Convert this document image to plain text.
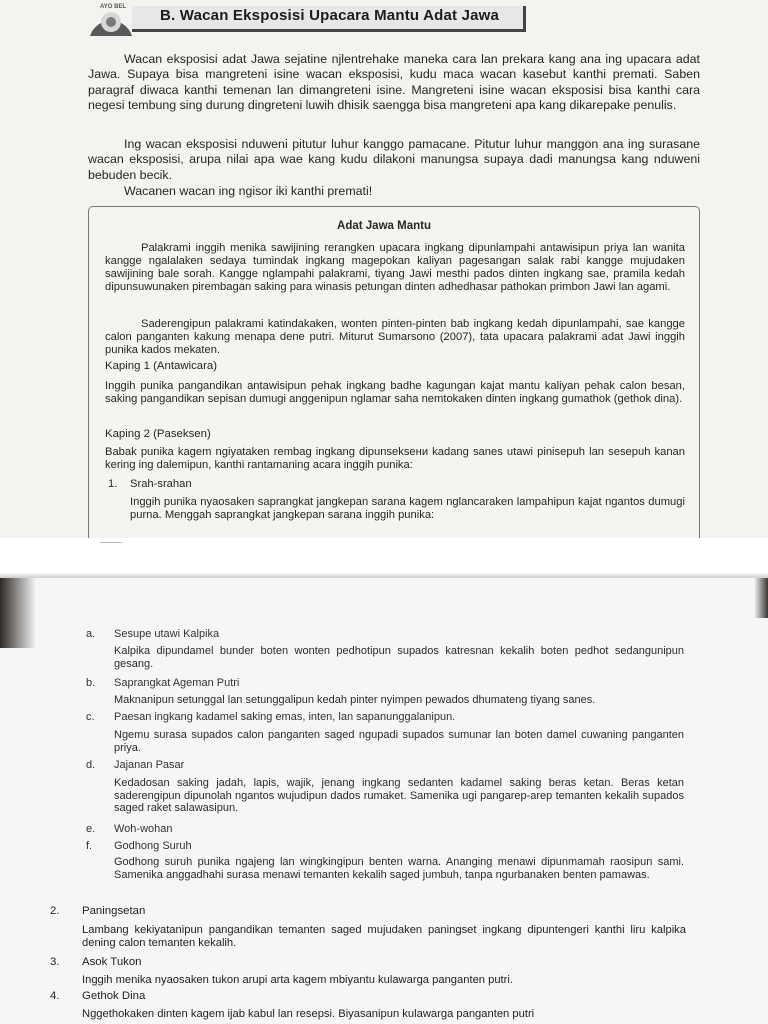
AYO BEL B. Wacan Eksposisi Upacara Mantu Adat Jawa

Wacan eksposisi adat Jawa sejatine njlentrehake maneka cara lan prekara kang ana ing upacara adat Jawa. Supaya bisa mangreteni isine wacan eksposisi, kudu maca wacan kasebut kanthi premati. Saben paragraf diwaca kanthi temenan lan dimangreteni isine. Mangreteni isine wacan eksposisi bisa kanthi cara negesi tembung sing durung dingreteni luwih dhisik saengga bisa mangreteni apa kang dikarepake penulis.

Ing wacan eksposisi nduweni pitutur luhur kanggo pamacane. Pitutur luhur manggon ana ing surasane wacan eksposisi, arupa nilai apa wae kang kudu dilakoni manungsa supaya dadi manungsa kang nduweni bebuden becik.

Wacanen wacan ing ngisor iki kanthi premati!

Adat Jawa Mantu

Palakrami inggih menika sawijining rerangken upacara ingkang dipunlampahi antawisipun priya lan wanita kangge ngalalaken sedaya tumindak ingkang magepokan kaliyan pagesangan salak rabi kangge mujudaken sawijining bale sorah. Kangge nglampahi palakrami, tiyang Jawi mesthi pados dinten ingkang sae, pramila kedah dipunsuwunaken pirembagan saking para winasis petungan dinten adhedhasar pathokan primbon Jawi lan agami.

Saderengipun palakrami katindakaken, wonten pinten-pinten bab ingkang kedah dipunlampahi, sae kangge calon panganten kakung menapa dene putri. Miturut Sumarsono (2007), tata upacara palakrami adat Jawi inggih punika kados mekaten.

Kaping 1 (Antawicara)

Inggih punika pangandikan antawisipun pehak ingkang badhe kagungan kajat mantu kaliyan pehak calon besan, saking pangandikan sepisan dumugi anggenipun nglamar saha nemtokaken dinten ingkang gumathok (gethok dina).

Kaping 2 (Paseksen)

Babak punika kagem ngiyataken rembag ingkang dipunseksени kadang sanes utawi pinisepuh lan sesepuh kanan kering ing dalemipun, kanthi rantamaning acara inggih punika:

1. Srah-srahan

Inggih punika nyaosaken saprangkat jangkepan sarana kagem nglancaraken lampahipun kajat ngantos dumugi purna. Menggah saprangkat jangkepan sarana inggih punika:

a. Sesupe utawi Kalpika

Kalpika dipundamel bunder boten wonten pedhotipun supados katresnan kekalih boten pedhot sedangunipun gesang.

b. Saprangkat Ageman Putri

Maknanipun setunggal lan setunggalipun kedah pinter nyimpen pewados dhumateng tiyang sanes.

c. Paesan ingkang kadamel saking emas, inten, lan sapanunggalanipun.

Ngemu surasa supados calon panganten saged ngupadi supados sumunar lan boten damel cuwaning panganten priya.

d. Jajanan Pasar

Kedadosan saking jadah, lapis, wajik, jenang ingkang sedanten kadamel saking beras ketan. Beras ketan saderengipun dipunolah ngantos wujudipun dados rumaket. Samenika ugi pangarep-arep temanten kekalih supados saged raket salawasipun.

e. Woh-wohan
f. Godhong Suruh

Godhong suruh punika ngajeng lan wingkingipun benten warna. Ananging menawi dipunmamah raosipun sami. Samenika anggadhahi surasa menawi temanten kekalih saged jumbuh, tanpa ngurbanaken benten pamawas.

2. Paningsetan

Lambang kekiyatanipun pangandikan temanten saged mujudaken paningset ingkang dipuntengeri kanthi liru kalpika dening calon temanten kekalih.

3. Asok Tukon

Inggih menika nyaosaken tukon arupi arta kagem mbiyantu kulawarga panganten putri.

4. Gethok Dina

Nggethokaken dinten kagem ijab kabul lan resepsi. Biyasanipun kulawarga panganten putri
